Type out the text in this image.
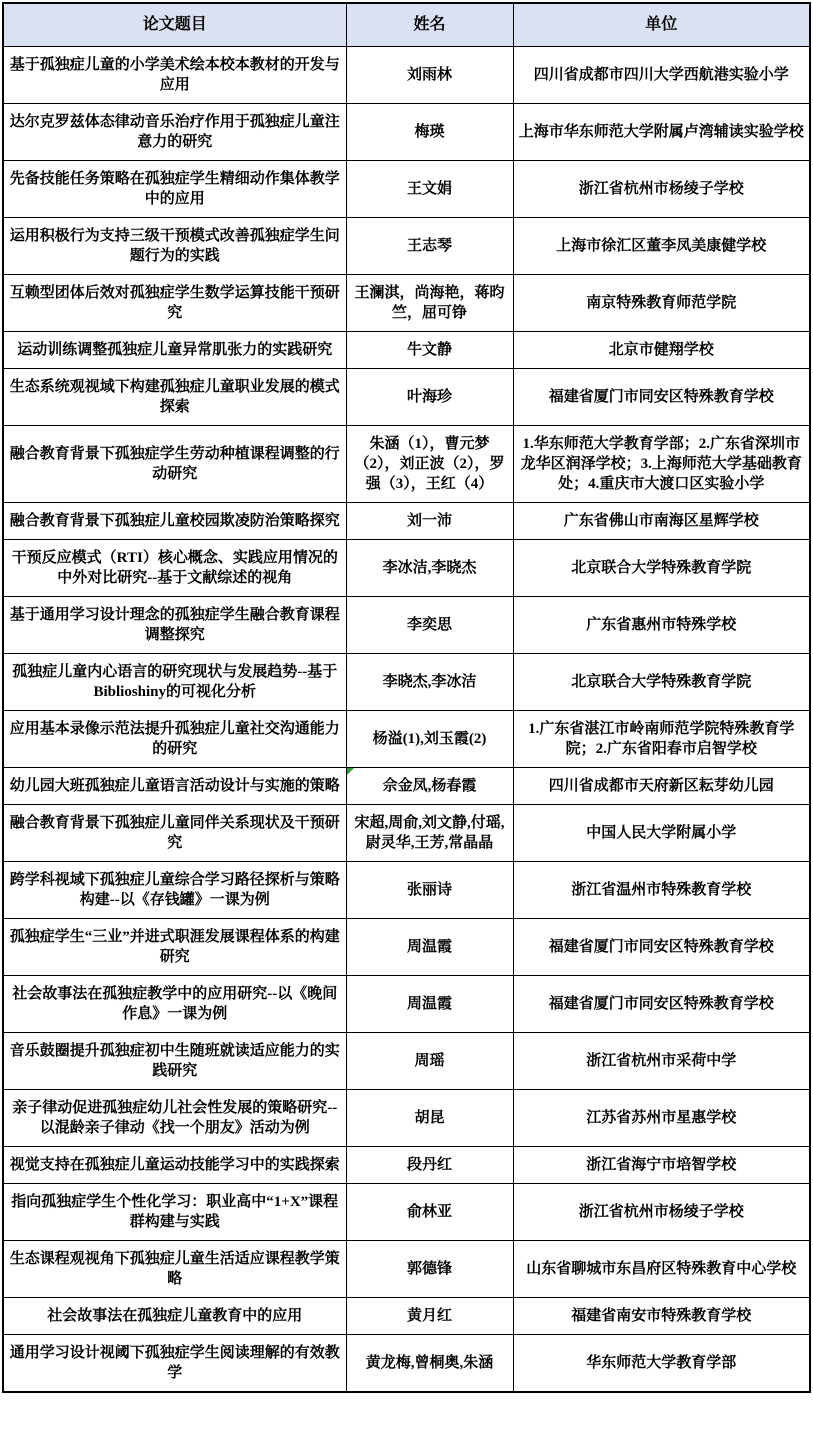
论文题目	姓名	单位
基于孤独症儿童的小学美术绘本校本教材的开发与应用	刘雨林	四川省成都市四川大学西航港实验小学
达尔克罗兹体态律动音乐治疗作用于孤独症儿童注意力的研究	梅瑛	上海市华东师范大学附属卢湾辅读实验学校
先备技能任务策略在孤独症学生精细动作集体教学中的应用	王文娟	浙江省杭州市杨绫子学校
运用积极行为支持三级干预模式改善孤独症学生问题行为的实践	王志琴	上海市徐汇区董李凤美康健学校
互赖型团体后效对孤独症学生数学运算技能干预研究	王澜淇，尚海艳，蒋昀竺，屈可铮	南京特殊教育师范学院
运动训练调整孤独症儿童异常肌张力的实践研究	牛文静	北京市健翔学校
生态系统观视域下构建孤独症儿童职业发展的模式探索	叶海珍	福建省厦门市同安区特殊教育学校
融合教育背景下孤独症学生劳动种植课程调整的行动研究	朱涵（1），曹元梦（2），刘正波（2），罗强（3），王红（4）	1.华东师范大学教育学部；2.广东省深圳市龙华区润泽学校；3.上海师范大学基础教育处；4.重庆市大渡口区实验小学
融合教育背景下孤独症儿童校园欺凌防治策略探究	刘一沛	广东省佛山市南海区星辉学校
干预反应模式（RTI）核心概念、实践应用情况的中外对比研究--基于文献综述的视角	李冰洁,李晓杰	北京联合大学特殊教育学院
基于通用学习设计理念的孤独症学生融合教育课程调整探究	李奕思	广东省惠州市特殊学校
孤独症儿童内心语言的研究现状与发展趋势--基于Biblioshiny的可视化分析	李晓杰,李冰洁	北京联合大学特殊教育学院
应用基本录像示范法提升孤独症儿童社交沟通能力的研究	杨溢(1),刘玉霞(2)	1.广东省湛江市岭南师范学院特殊教育学院；2.广东省阳春市启智学校
幼儿园大班孤独症儿童语言活动设计与实施的策略	佘金凤,杨春霞	四川省成都市天府新区耘芽幼儿园
融合教育背景下孤独症儿童同伴关系现状及干预研究	宋超,周俞,刘文静,付瑶,尉灵华,王芳,常晶晶	中国人民大学附属小学
跨学科视域下孤独症儿童综合学习路径探析与策略构建--以《存钱罐》一课为例	张丽诗	浙江省温州市特殊教育学校
孤独症学生“三业”并进式职涯发展课程体系的构建研究	周温霞	福建省厦门市同安区特殊教育学校
社会故事法在孤独症教学中的应用研究--以《晚间作息》一课为例	周温霞	福建省厦门市同安区特殊教育学校
音乐鼓圈提升孤独症初中生随班就读适应能力的实践研究	周瑶	浙江省杭州市采荷中学
亲子律动促进孤独症幼儿社会性发展的策略研究--以混龄亲子律动《找一个朋友》活动为例	胡昆	江苏省苏州市星惠学校
视觉支持在孤独症儿童运动技能学习中的实践探索	段丹红	浙江省海宁市培智学校
指向孤独症学生个性化学习：职业高中“1+X”课程群构建与实践	俞林亚	浙江省杭州市杨绫子学校
生态课程观视角下孤独症儿童生活适应课程教学策略	郭德锋	山东省聊城市东昌府区特殊教育中心学校
社会故事法在孤独症儿童教育中的应用	黄月红	福建省南安市特殊教育学校
通用学习设计视阈下孤独症学生阅读理解的有效教学	黄龙梅,曾桐奥,朱涵	华东师范大学教育学部
